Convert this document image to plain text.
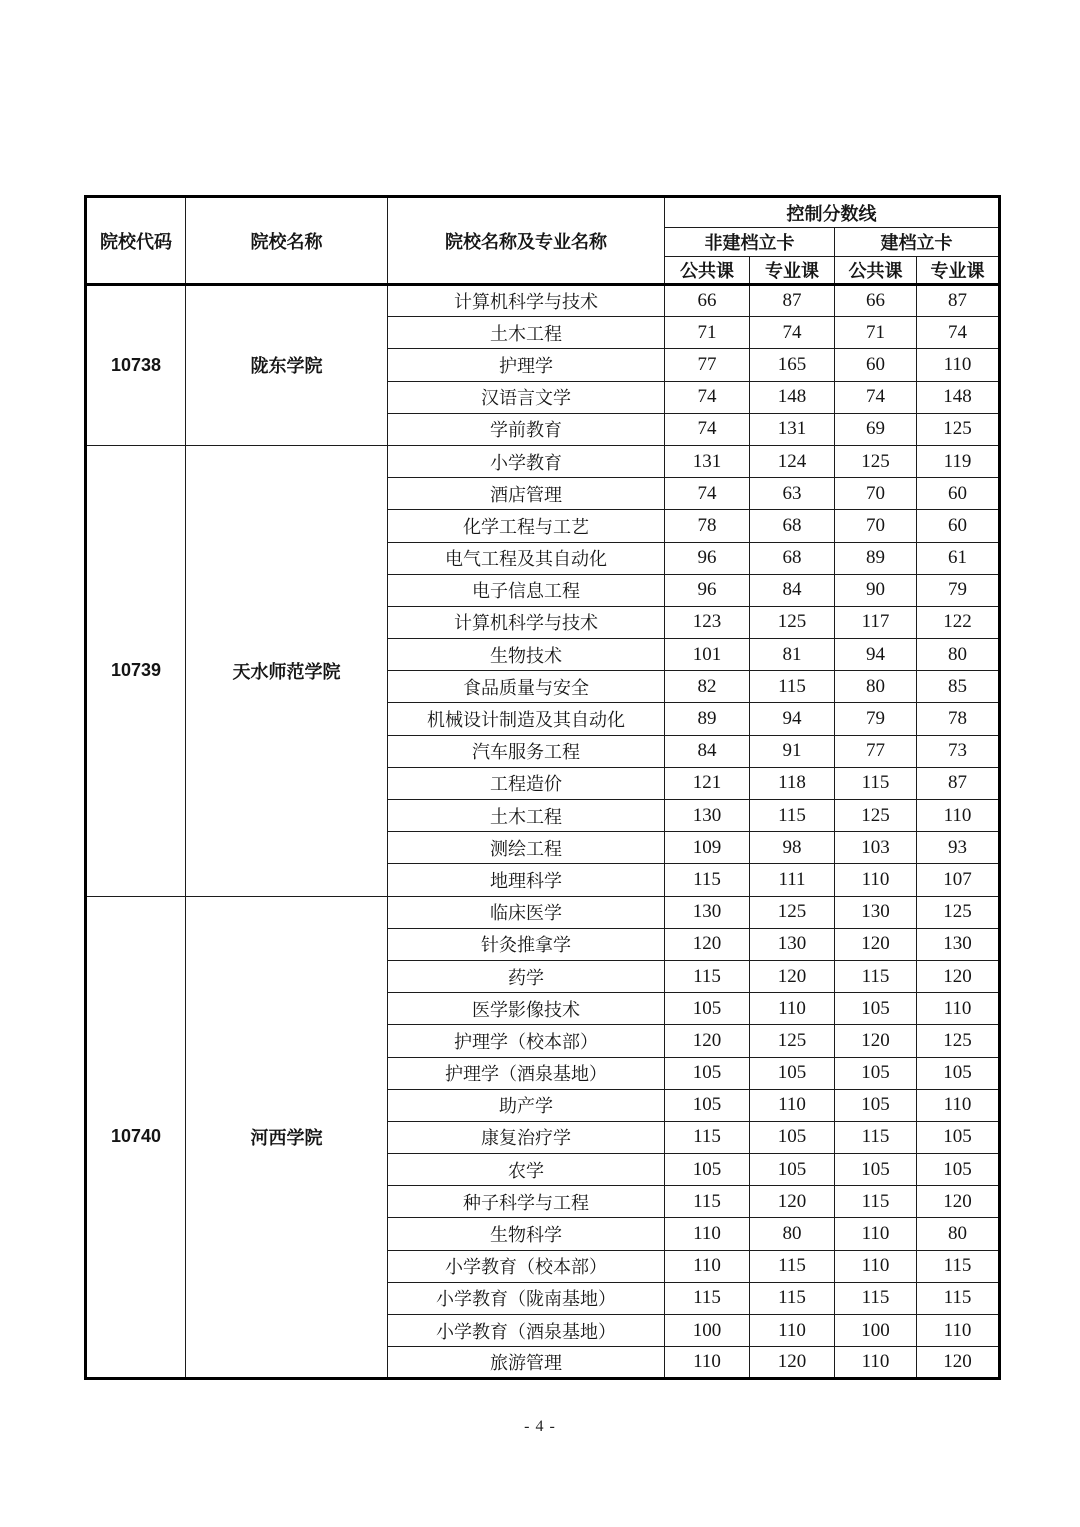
院校代码	院校名称	院校名称及专业名称	控制分数线			
			非建档立卡		建档立卡	
			公共课	专业课	公共课	专业课
10738	陇东学院	计算机科学与技术	66	87	66	87
		土木工程	71	74	71	74
		护理学	77	165	60	110
		汉语言文学	74	148	74	148
		学前教育	74	131	69	125
10739	天水师范学院	小学教育	131	124	125	119
		酒店管理	74	63	70	60
		化学工程与工艺	78	68	70	60
		电气工程及其自动化	96	68	89	61
		电子信息工程	96	84	90	79
		计算机科学与技术	123	125	117	122
		生物技术	101	81	94	80
		食品质量与安全	82	115	80	85
		机械设计制造及其自动化	89	94	79	78
		汽车服务工程	84	91	77	73
		工程造价	121	118	115	87
		土木工程	130	115	125	110
		测绘工程	109	98	103	93
		地理科学	115	111	110	107
10740	河西学院	临床医学	130	125	130	125
		针灸推拿学	120	130	120	130
		药学	115	120	115	120
		医学影像技术	105	110	105	110
		护理学（校本部）	120	125	120	125
		护理学（酒泉基地）	105	105	105	105
		助产学	105	110	105	110
		康复治疗学	115	105	115	105
		农学	105	105	105	105
		种子科学与工程	115	120	115	120
		生物科学	110	80	110	80
		小学教育（校本部）	110	115	110	115
		小学教育（陇南基地）	115	115	115	115
		小学教育（酒泉基地）	100	110	100	110
		旅游管理	110	120	110	120
- 4 -
